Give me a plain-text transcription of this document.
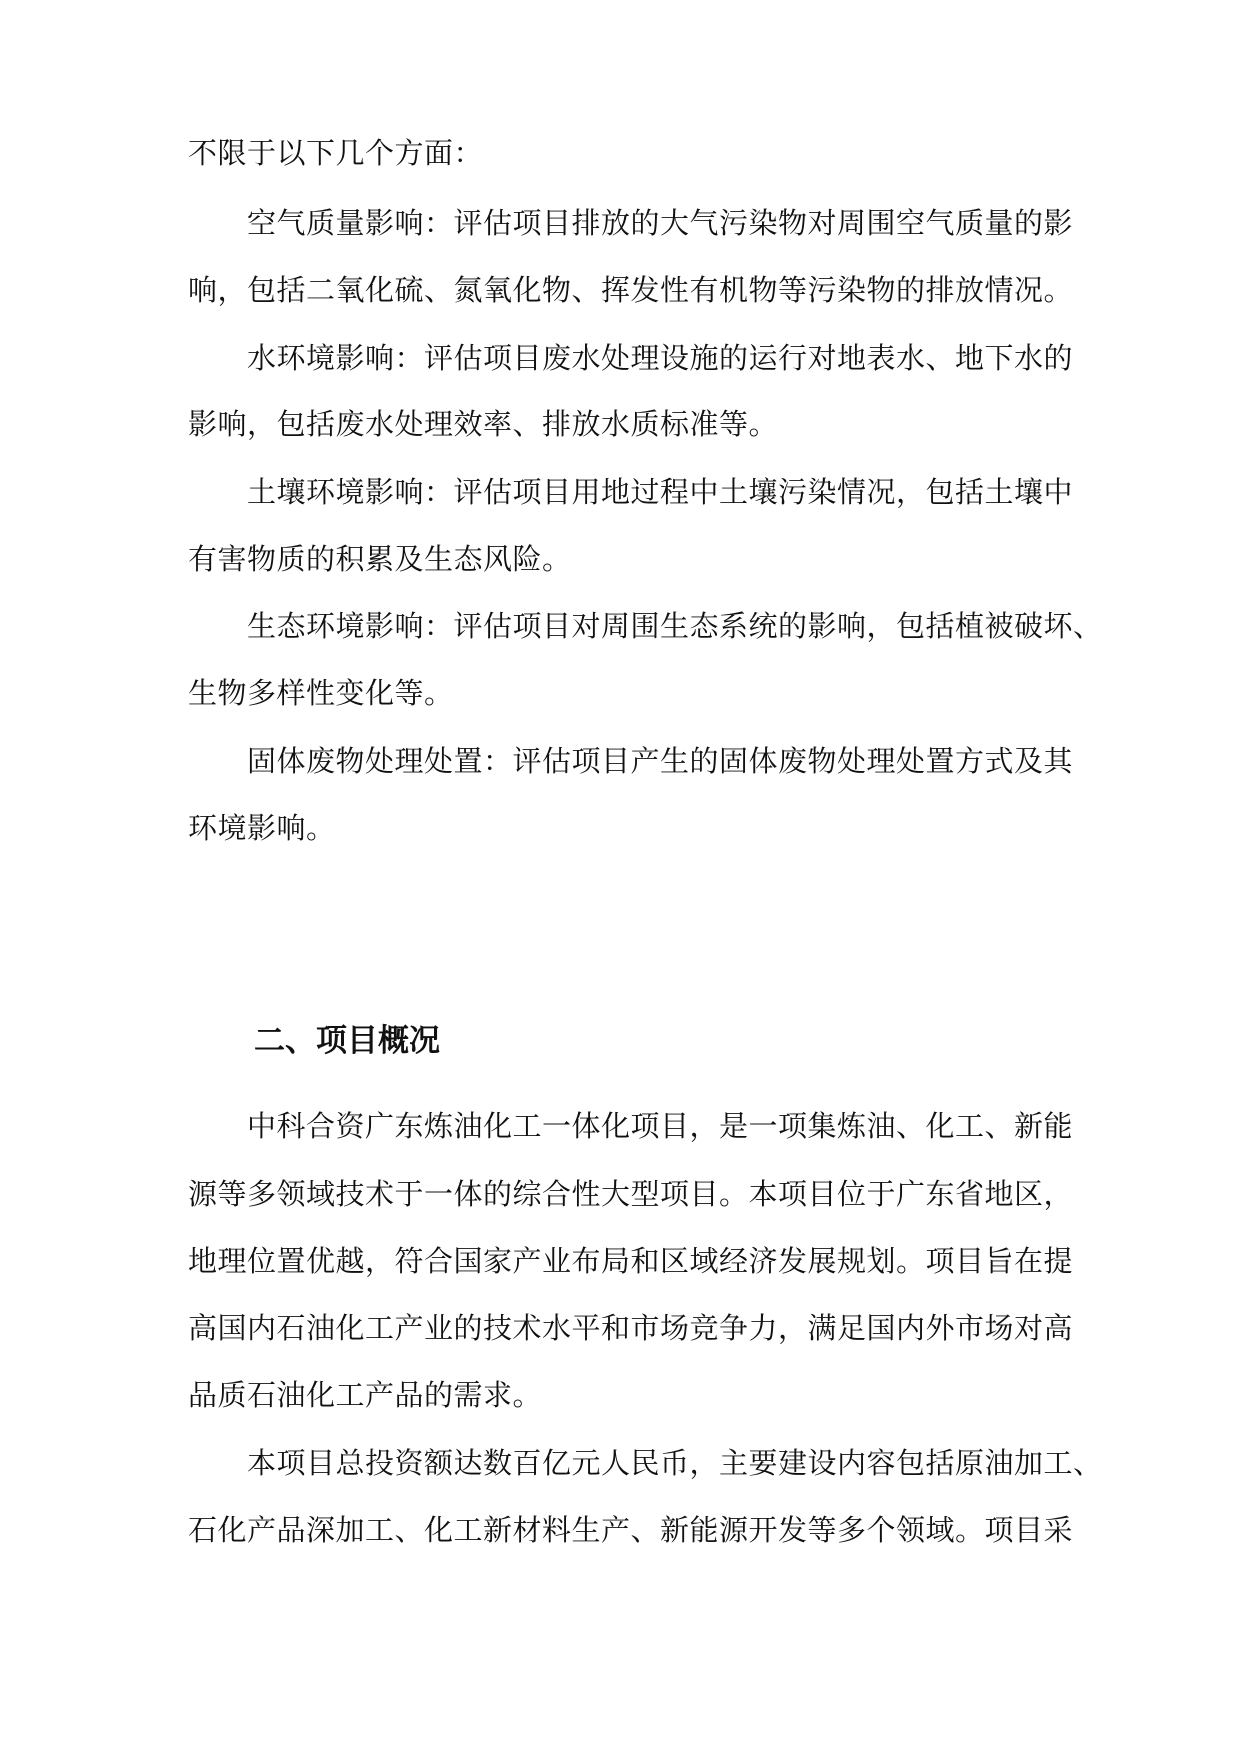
不限于以下几个方面：
空气质量影响：评估项目排放的大气污染物对周围空气质量的影
响，包括二氧化硫、氮氧化物、挥发性有机物等污染物的排放情况。
水环境影响：评估项目废水处理设施的运行对地表水、地下水的
影响，包括废水处理效率、排放水质标准等。
土壤环境影响：评估项目用地过程中土壤污染情况，包括土壤中
有害物质的积累及生态风险。
生态环境影响：评估项目对周围生态系统的影响，包括植被破坏、
生物多样性变化等。
固体废物处理处置：评估项目产生的固体废物处理处置方式及其
环境影响。
二、项目概况
中科合资广东炼油化工一体化项目，是一项集炼油、化工、新能
源等多领域技术于一体的综合性大型项目。本项目位于广东省地区，
地理位置优越，符合国家产业布局和区域经济发展规划。项目旨在提
高国内石油化工产业的技术水平和市场竞争力，满足国内外市场对高
品质石油化工产品的需求。
本项目总投资额达数百亿元人民币，主要建设内容包括原油加工、
石化产品深加工、化工新材料生产、新能源开发等多个领域。项目采
